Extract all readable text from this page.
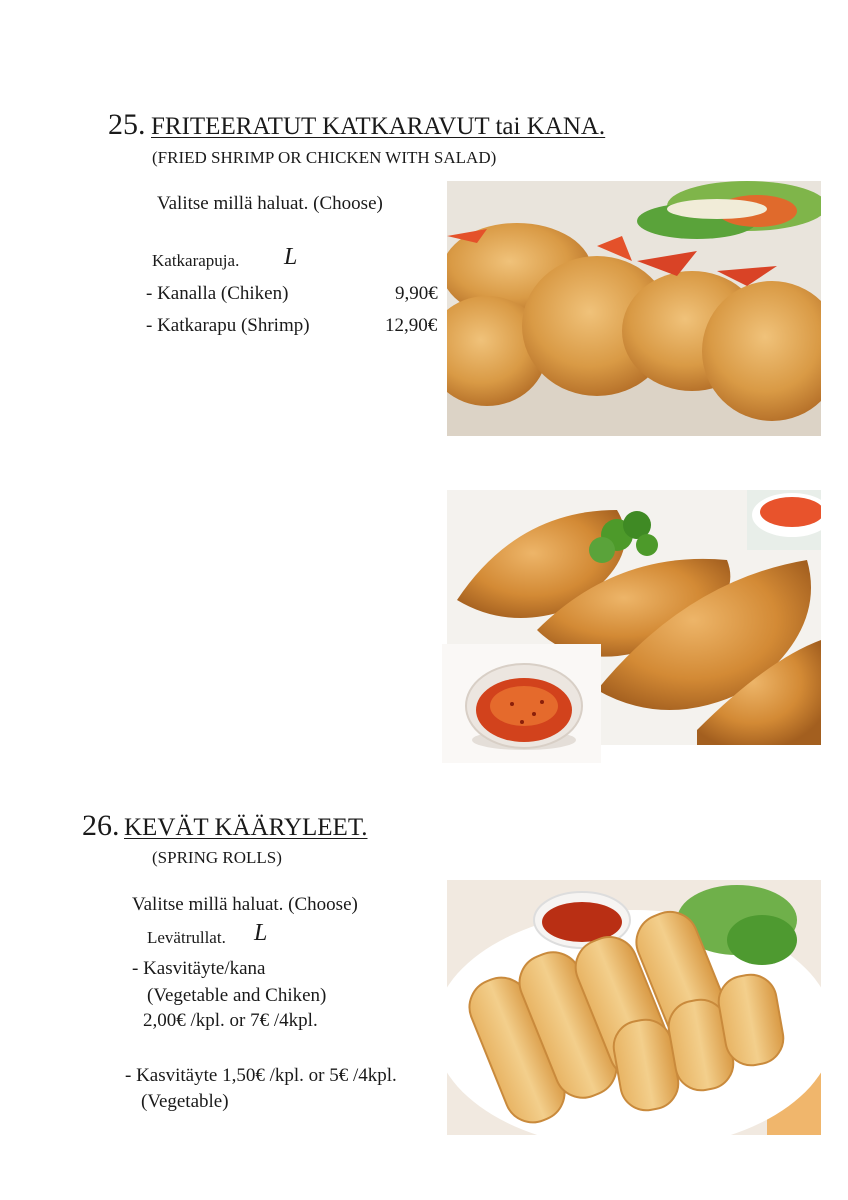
25. FRITEERATUT KATKARAVUT tai KANA.
(FRIED SHRIMP OR CHICKEN WITH SALAD)
Valitse millä haluat. (Choose)
Katkarapuja. L
- Kanalla (Chiken)	9,90€
- Katkarapu (Shrimp)	12,90€
26. KEVÄT KÄÄRYLEET.
(SPRING ROLLS)
Valitse millä haluat. (Choose)
Levätrullat. L
- Kasvitäyte/kana
(Vegetable and Chiken)
2,00€ /kpl. or 7€ /4kpl.
- Kasvitäyte 1,50€ /kpl. or 5€ /4kpl.
(Vegetable)
